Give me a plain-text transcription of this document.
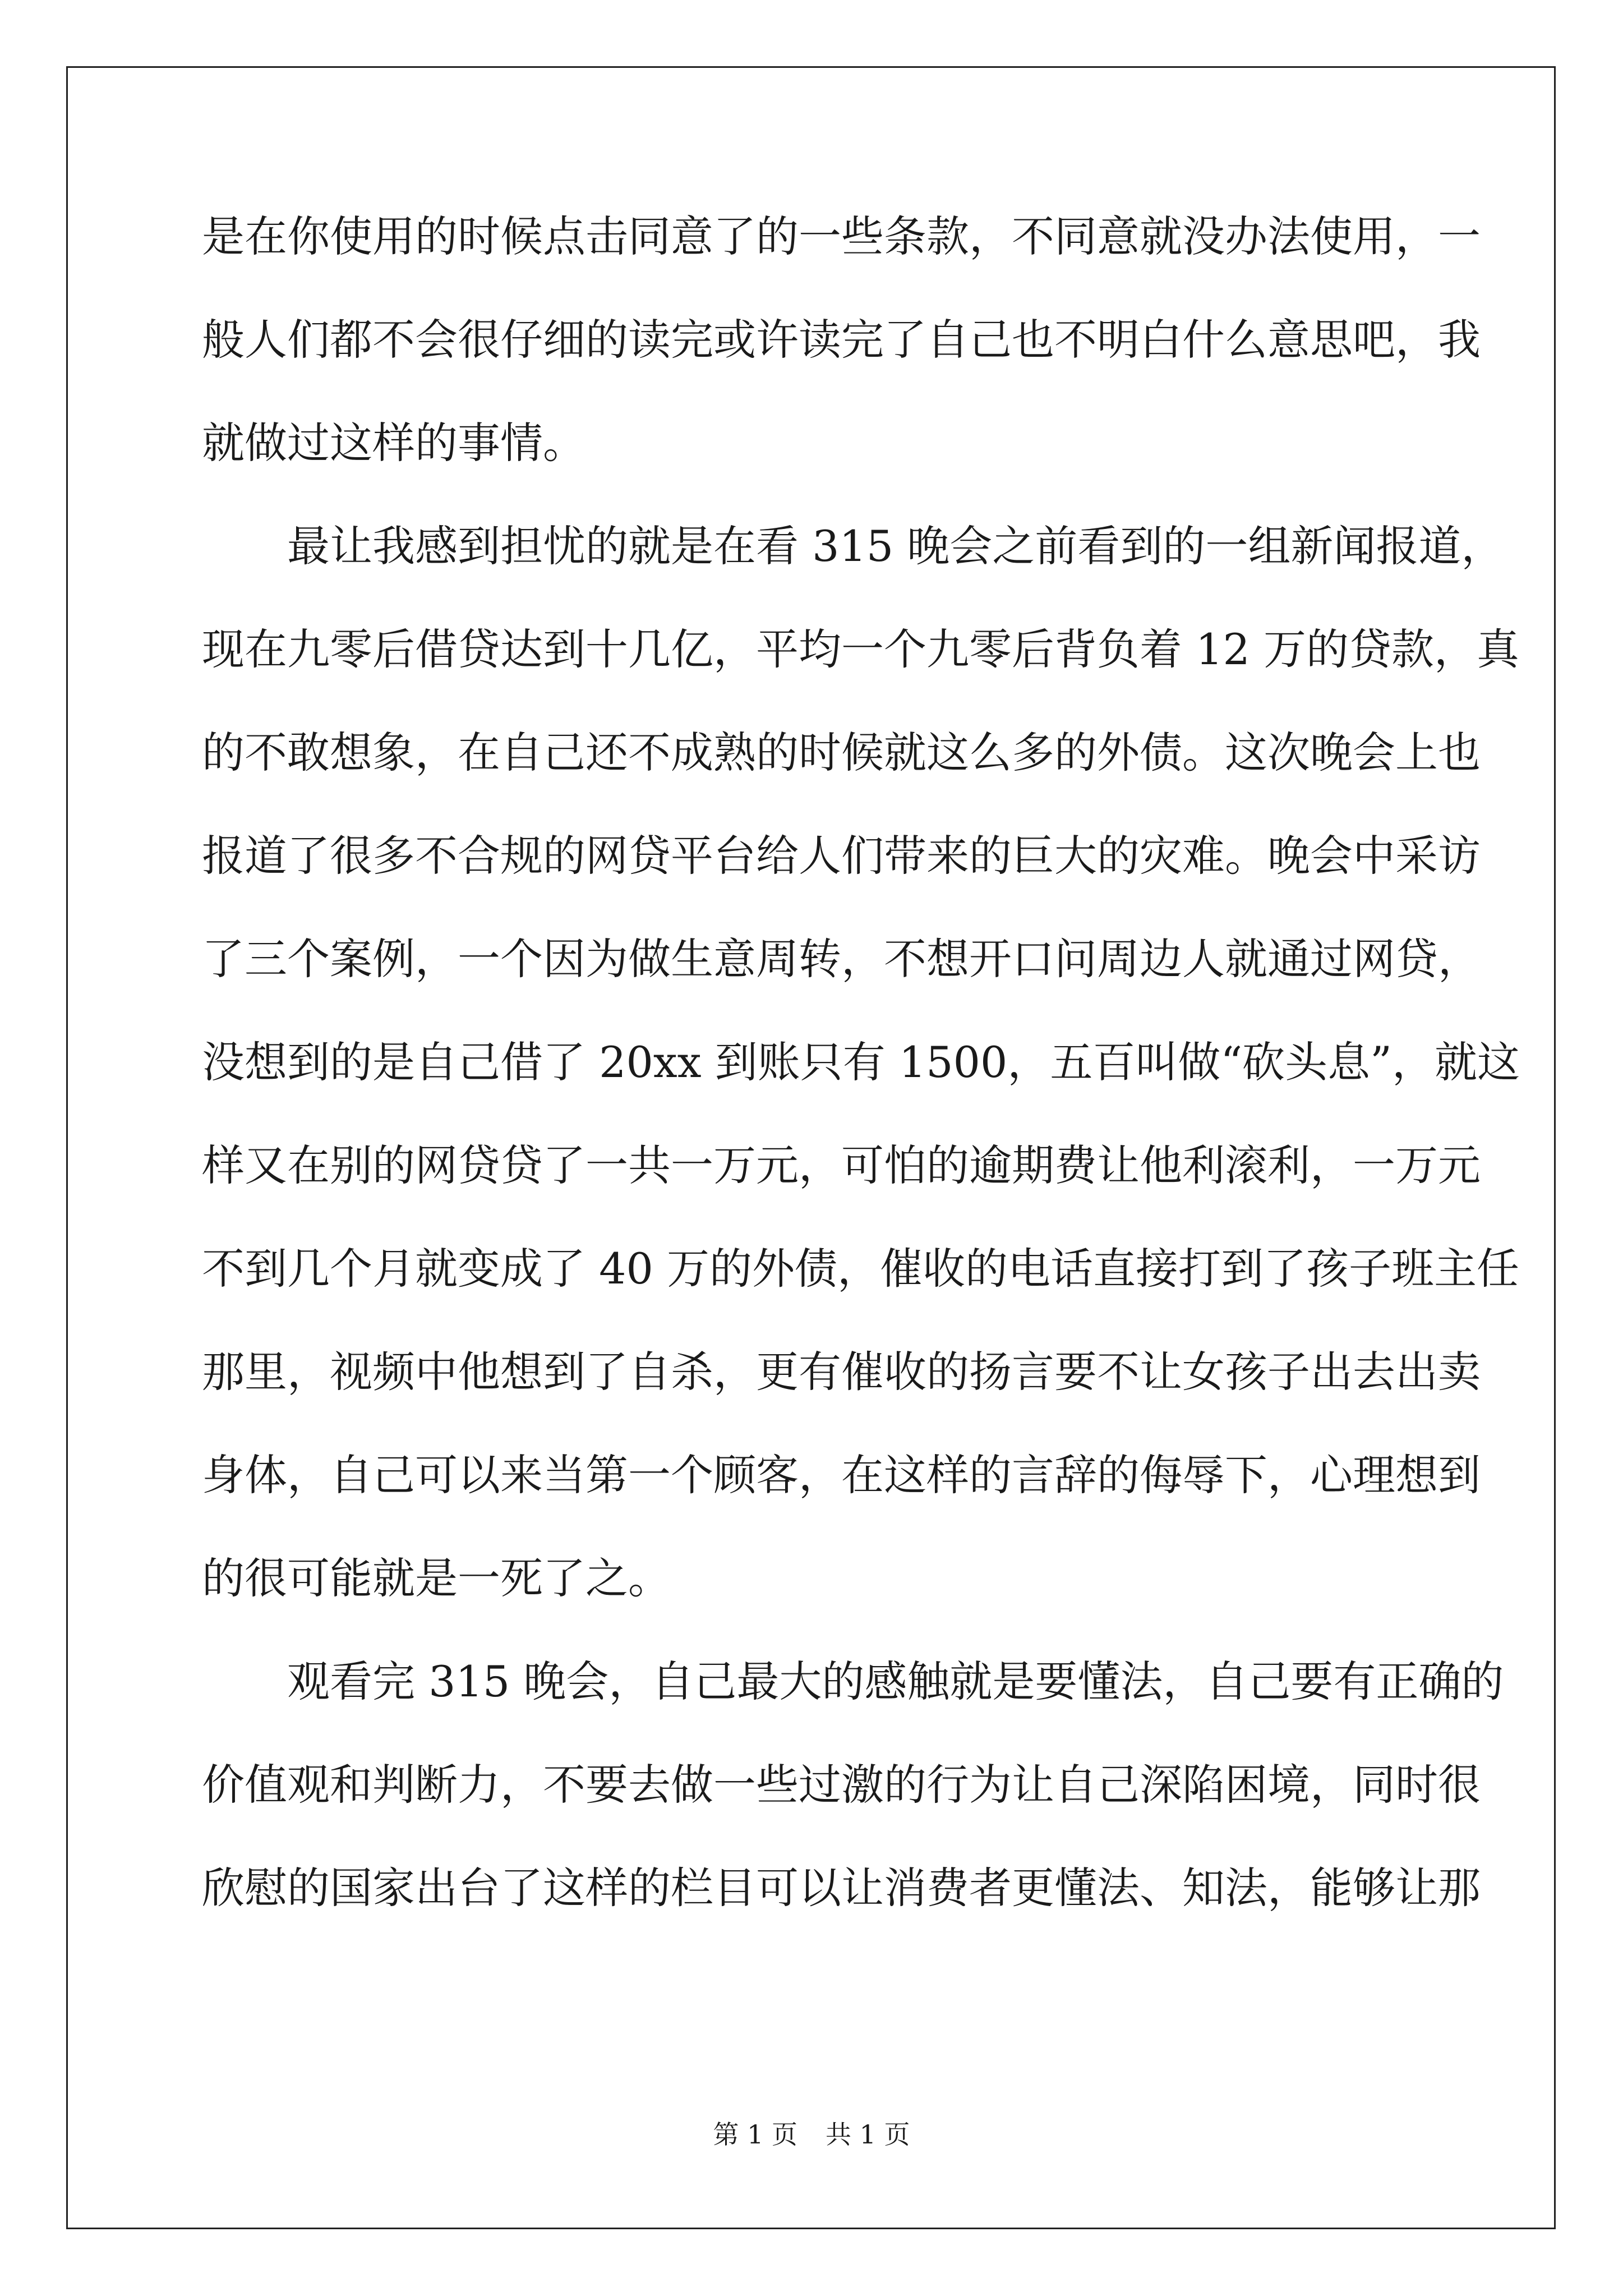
是在你使用的时候点击同意了的一些条款，不同意就没办法使用，一
般人们都不会很仔细的读完或许读完了自己也不明白什么意思吧，我
就做过这样的事情。
最让我感到担忧的就是在看 315 晚会之前看到的一组新闻报道，
现在九零后借贷达到十几亿，平均一个九零后背负着 12 万的贷款，真
的不敢想象，在自己还不成熟的时候就这么多的外债。这次晚会上也
报道了很多不合规的网贷平台给人们带来的巨大的灾难。晚会中采访
了三个案例，一个因为做生意周转，不想开口问周边人就通过网贷，
没想到的是自己借了 20xx 到账只有 1500，五百叫做“砍头息”，就这
样又在别的网贷贷了一共一万元，可怕的逾期费让他利滚利，一万元
不到几个月就变成了 40 万的外债，催收的电话直接打到了孩子班主任
那里，视频中他想到了自杀，更有催收的扬言要不让女孩子出去出卖
身体，自己可以来当第一个顾客，在这样的言辞的侮辱下，心理想到
的很可能就是一死了之。
观看完 315 晚会，自己最大的感触就是要懂法，自己要有正确的
价值观和判断力，不要去做一些过激的行为让自己深陷困境，同时很
欣慰的国家出台了这样的栏目可以让消费者更懂法、知法，能够让那
第 1 页 共 1 页
